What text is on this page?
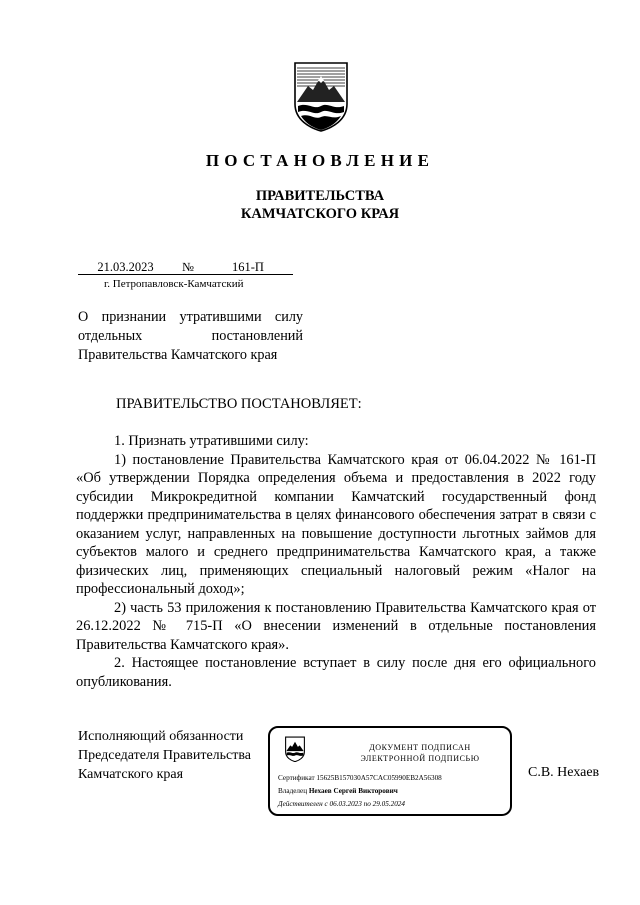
ПОСТАНОВЛЕНИЕ
ПРАВИТЕЛЬСТВА
КАМЧАТСКОГО КРАЯ
21.03.2023 №	161-П
г. Петропавловск-Камчатский
О признании утратившими силу
отдельных постановлений
Правительства Камчатского края
ПРАВИТЕЛЬСТВО ПОСТАНОВЛЯЕТ:

1. Признать утратившими силу:

1) постановление Правительства Камчатского края от 06.04.2022 № 161-П «Об утверждении Порядка определения объема и предоставления в 2022 году субсидии Микрокредитной компании Камчатский государственный фонд поддержки предпринимательства в целях финансового обеспечения затрат в связи с оказанием услуг, направленных на повышение доступности льготных займов для субъектов малого и среднего предпринимательства Камчатского края, а также физических лиц, применяющих специальный налоговый режим «Налог на профессиональный доход»;

2) часть 53 приложения к постановлению Правительства Камчатского края от 26.12.2022 № 715-П «О внесении изменений в отдельные постановления Правительства Камчатского края».

2. Настоящее постановление вступает в силу после дня его официального опубликования.

Исполняющий обязанности
Председателя Правительства
Камчатского края
ДОКУМЕНТ ПОДПИСАН
ЭЛЕКТРОННОЙ ПОДПИСЬЮ
Сертификат 15625B157030A57CAC05990EB2A56308
Владелец Нехаев Сергей Викторович
Действителен с 06.03.2023 по 29.05.2024
С.В. Нехаев
